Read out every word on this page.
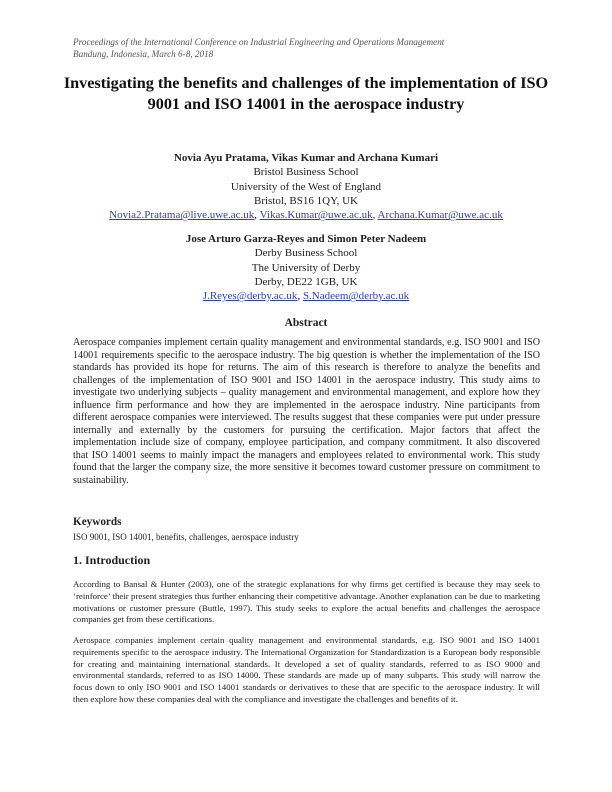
Proceedings of the International Conference on Industrial Engineering and Operations Management
Bandung, Indonesia, March 6-8, 2018
Investigating the benefits and challenges of the implementation of ISO 9001 and ISO 14001 in the aerospace industry
Novia Ayu Pratama, Vikas Kumar and Archana Kumari
Bristol Business School
University of the West of England
Bristol, BS16 1QY, UK
Novia2.Pratama@live.uwe.ac.uk, Vikas.Kumar@uwe.ac.uk, Archana.Kumar@uwe.ac.uk
Jose Arturo Garza-Reyes and Simon Peter Nadeem
Derby Business School
The University of Derby
Derby, DE22 1GB, UK
J.Reyes@derby.ac.uk, S.Nadeem@derby.ac.uk
Abstract
Aerospace companies implement certain quality management and environmental standards, e.g. ISO 9001 and ISO 14001 requirements specific to the aerospace industry. The big question is whether the implementation of the ISO standards has provided its hope for returns. The aim of this research is therefore to analyze the benefits and challenges of the implementation of ISO 9001 and ISO 14001 in the aerospace industry. This study aims to investigate two underlying subjects – quality management and environmental management, and explore how they influence firm performance and how they are implemented in the aerospace industry. Nine participants from different aerospace companies were interviewed. The results suggest that these companies were put under pressure internally and externally by the customers for pursuing the certification. Major factors that affect the implementation include size of company, employee participation, and company commitment. It also discovered that ISO 14001 seems to mainly impact the managers and employees related to environmental work. This study found that the larger the company size, the more sensitive it becomes toward customer pressure on commitment to sustainability.
Keywords
ISO 9001, ISO 14001, benefits, challenges, aerospace industry
1. Introduction
According to Bansal & Hunter (2003), one of the strategic explanations for why firms get certified is because they may seek to ‘reinforce’ their present strategies thus further enhancing their competitive advantage. Another explanation can be due to marketing motivations or customer pressure (Buttle, 1997). This study seeks to explore the actual benefits and challenges the aerospace companies get from these certifications.
Aerospace companies implement certain quality management and environmental standards, e.g. ISO 9001 and ISO 14001 requirements specific to the aerospace industry. The International Organization for Standardization is a European body responsible for creating and maintaining international standards. It developed a set of quality standards, referred to as ISO 9000 and environmental standards, referred to as ISO 14000. These standards are made up of many subparts. This study will narrow the focus down to only ISO 9001 and ISO 14001 standards or derivatives to these that are specific to the aerospace industry. It will then explore how these companies deal with the compliance and investigate the challenges and benefits of it.
